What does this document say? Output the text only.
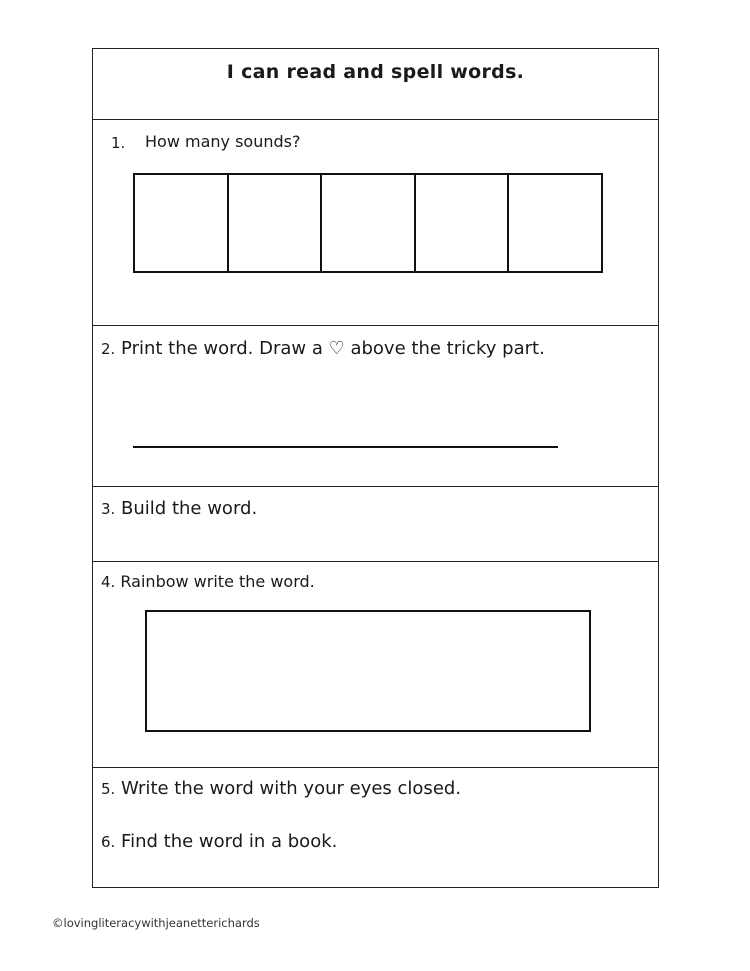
I can read and spell words.
1. How many sounds?
2. Print the word. Draw a ♡ above the tricky part.
3. Build the word.
4. Rainbow write the word.
5. Write the word with your eyes closed.
6. Find the word in a book.
©lovingliteracywithjeanetterichards
